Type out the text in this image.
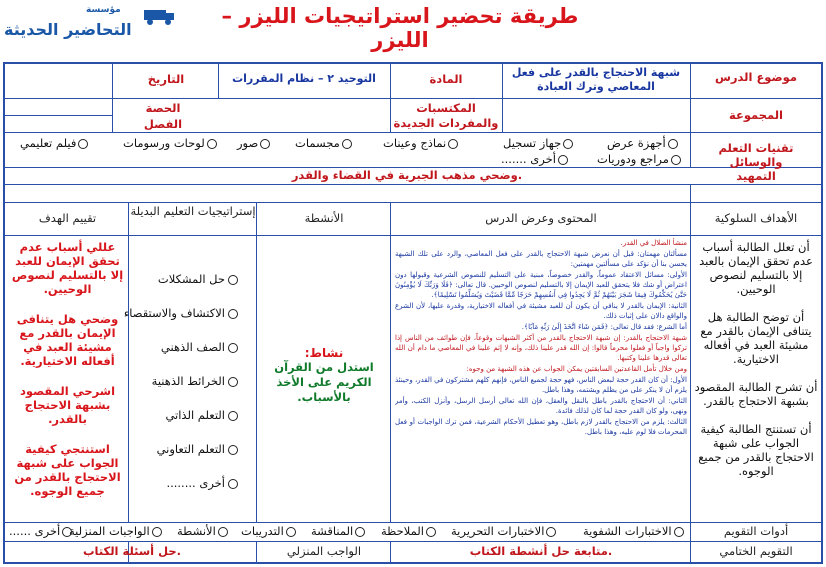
طريقة تحضير استراتيجيات الليزر – الليزر
مؤسسة
التحاضير الحديثة
موضوع الدرس
شبهة الاحتجاج بالقدر على فعل المعاصي وترك العبادة
المادة
التوحيد ٢ – نظام المقررات
التاريخ
المجموعة
المكتسبات والمفردات الجديدة
الحصة
الفصل
تقنيات التعلم والوسائل
أجهزة عرض
جهاز تسجيل
نماذج وعينات
مجسمات
صور
لوحات ورسومات
فيلم تعليمي
مراجع ودوريات
أخرى .......
التمهيد
وضحي مذهب الجبرية في القضاء والقدر.
الأهداف السلوكية
المحتوى وعرض الدرس
الأنشطة
إستراتيجيات التعليم البديلة
تقييم الهدف

أن تعلل الطالبة أسباب عدم تحقق الإيمان بالعبد إلا بالتسليم لنصوص الوحيين.

أن توضح الطالبة هل يتنافى الإيمان بالقدر مع مشيئة العبد في أفعاله الاختيارية.

أن تشرح الطالبة المقصود بشبهة الاحتجاج بالقدر.

أن تستنتج الطالبة كيفية الجواب على شبهة الاحتجاج بالقدر من جميع الوجوه.

منشأ الضلال في القدر.

مسألتان مهمتان: قبل أن نعرض شبهة الاحتجاج بالقدر على فعل المعاصي، والرد على تلك الشبهة يحسن بنا أن نؤكد على مسألتين مهمتين:

الأولى: مسائل الاعتقاد عموماً، والقدر خصوصاً، مبنية على التسليم للنصوص الشرعية وقبولها دون اعتراض أو شك فلا يتحقق للعبد الإيمان إلا بالتسليم لنصوص الوحيين. قال تعالى: ﴿فَلَا وَرَبِّكَ لَا يُؤْمِنُونَ حَتَّىٰ يُحَكِّمُوكَ فِيمَا شَجَرَ بَيْنَهُمْ ثُمَّ لَا يَجِدُوا فِي أَنفُسِهِمْ حَرَجًا مِّمَّا قَضَيْتَ وَيُسَلِّمُوا تَسْلِيمًا﴾.

الثانية: الإيمان بالقدر لا ينافي أن يكون أن للعبد مشيئة في أفعاله الاختيارية، وقدرة عليها، لأن الشرع والواقع دالان على إثبات ذلك.

أما الشرع: فقد قال تعالى: ﴿فَمَن شَاءَ اتَّخَذَ إِلَىٰ رَبِّهِ مَآبًا﴾.

شبهة الاحتجاج بالقدر: إن شبهة الاحتجاج بالقدر من أكثر الشبهات وقوعاً، فإن طوائف من الناس إذا تركوا واجباً أو فعلوا محرماً قالوا: إن الله قدر علينا ذلك، وإنه لا إثم علينا في المعاصي ما دام أن الله تعالى قدرها علينا وكتبها.

ومن خلال تأمل القاعدتين السابقتين يمكن الجواب عن هذه الشبهة من وجوه:

الأول: أن كان القدر حجة لبعض الناس، فهو حجة لجميع الناس، فإنهم كلهم مشتركون في القدر، وحينئذ يلزم أن لا ينكر على من يظلم ويشتمه، وهذا باطل.

الثاني: أن الاحتجاج بالقدر باطل بالنقل والعقل، فإن الله تعالى أرسل الرسل، وأنزل الكتب، وأمر ونهى، ولو كان القدر حجة لما كان لذلك فائدة.

الثالث: يلزم من الاحتجاج بالقدر لازم باطل، وهو تعطيل الأحكام الشرعية، فمن ترك الواجبات أو فعل المحرمات فلا لوم عليه، وهذا باطل.

نشاط:
استدل من القرآن الكريم على الأخذ بالأسباب.
حل المشكلات
الاكتشاف والاستقصاء
الصف الذهني
الخرائط الذهنية
التعلم الذاتي
التعلم التعاوني
أخرى ........

عللي أسباب عدم تحقق الإيمان للعبد إلا بالتسليم لنصوص الوحيين.

وضحي هل يتنافى الإيمان بالقدر مع مشيئة العبد في أفعاله الاختيارية.

اشرحي المقصود بشبهة الاحتجاج بالقدر.

استنتجي كيفية الجواب على شبهة الاحتجاج بالقدر من جميع الوجوه.

أدوات التقويم
الاختبارات الشفوية
الاختبارات التحريرية
الملاحظة
المناقشة
التدريبات
الأنشطة
الواجبات المنزلية
أخرى ......
التقويم الختامي
متابعة حل أنشطة الكتاب.
الواجب المنزلي
حل أسئلة الكتاب.
